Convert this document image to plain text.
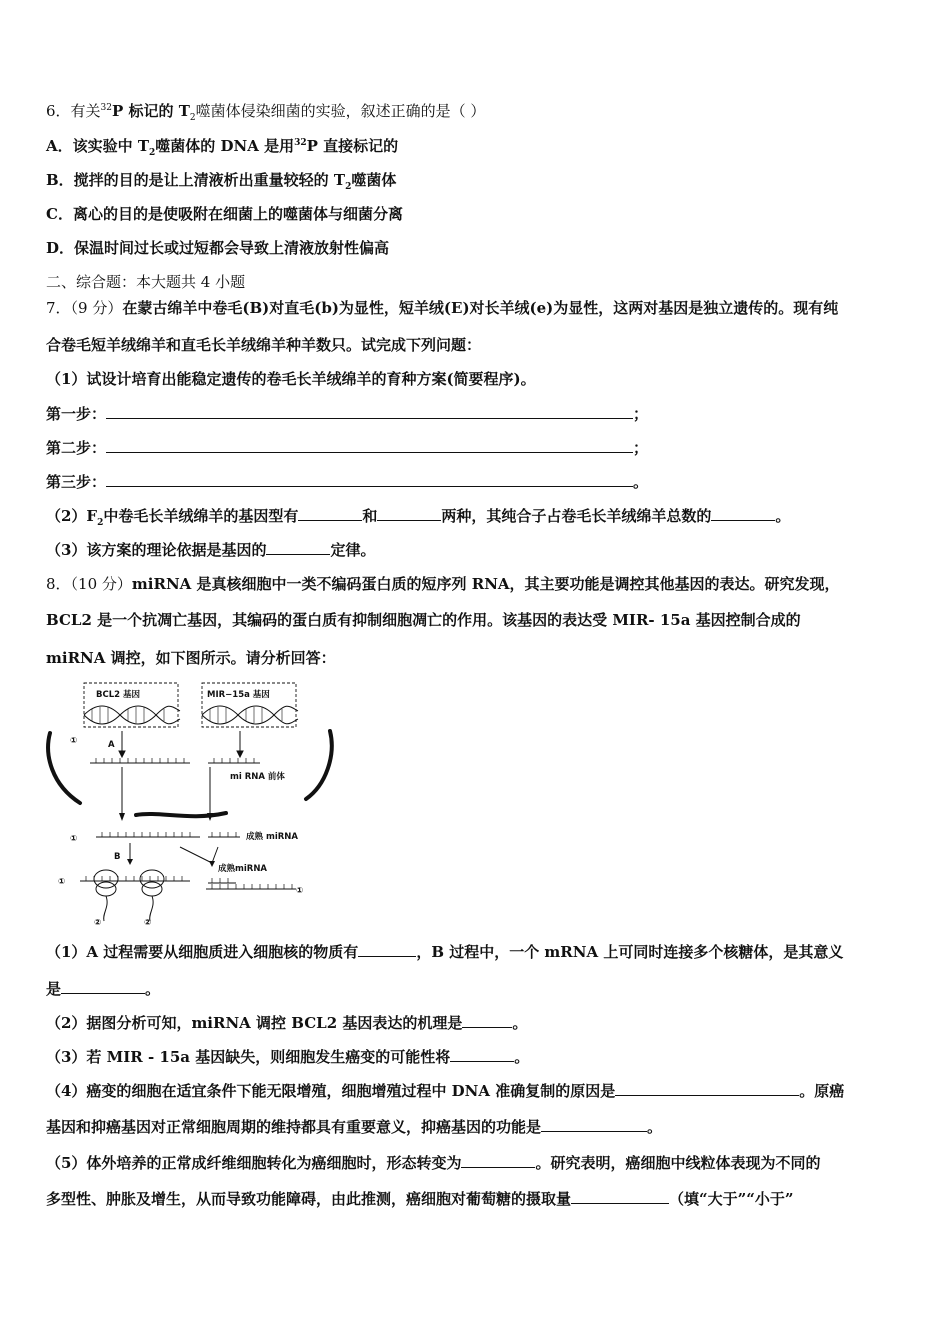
6．有关$^{32}$P 标记的 $T_2$噬菌体侵染细菌的实验，叙述正确的是（ ）
A．该实验中 $T_2$噬菌体的 DNA 是用$^{32}$P 直接标记的
B．搅拌的目的是让上清液析出重量较轻的 $T_2$噬菌体
C．离心的目的是使吸附在细菌上的噬菌体与细菌分离
D．保温时间过长或过短都会导致上清液放射性偏高
二、综合题：本大题共 4 小题
7．（9 分）在蒙古绵羊中卷毛(B)对直毛(b)为显性，短羊绒(E)对长羊绒(e)为显性，这两对基因是独立遗传的。现有纯
合卷毛短羊绒绵羊和直毛长羊绒绵羊种羊数只。试完成下列问题：
（1）试设计培育出能稳定遗传的卷毛长羊绒绵羊的育种方案(简要程序)。
第一步：	；
第二步：	；
第三步：	。
$(2)F_2$中卷毛长羊绒绵羊的基因型有	和	两种，其纯合子占卷毛长羊绒绵羊总数的	。
（3）该方案的理论依据是基因的	定律。
8．（10 分）miRNA 是真核细胞中一类不编码蛋白质的短序列 RNA，其主要功能是调控其他基因的表达。研究发现，
BCL2 是一个抗凋亡基因，其编码的蛋白质有抑制细胞凋亡的作用。该基因的表达受 MIR- 15a 基因控制合成的
miRNA 调控，如下图所示。请分析回答：
BCL2 基因	MIR−15a 基因
A
mi RNA 前体
成熟 miRNA
B
成熟miRNA
①
①
①
①
②	②
（1）A 过程需要从细胞质进入细胞核的物质有	，B 过程中，一个 mRNA 上可同时连接多个核糖体，是其意义
是	。
（2）据图分析可知，miRNA 调控 BCL2 基因表达的机理是	。
（3）若 MIR - 15a 基因缺失，则细胞发生癌变的可能性将	。
（4）癌变的细胞在适宜条件下能无限增殖，细胞增殖过程中 DNA 准确复制的原因是	。原癌
基因和抑癌基因对正常细胞周期的维持都具有重要意义，抑癌基因的功能是	。
（5）体外培养的正常成纤维细胞转化为癌细胞时，形态转变为	。研究表明，癌细胞中线粒体表现为不同的
多型性、肿胀及增生，从而导致功能障碍，由此推测，癌细胞对葡萄糖的摄取量	（填“大于”“小于”
